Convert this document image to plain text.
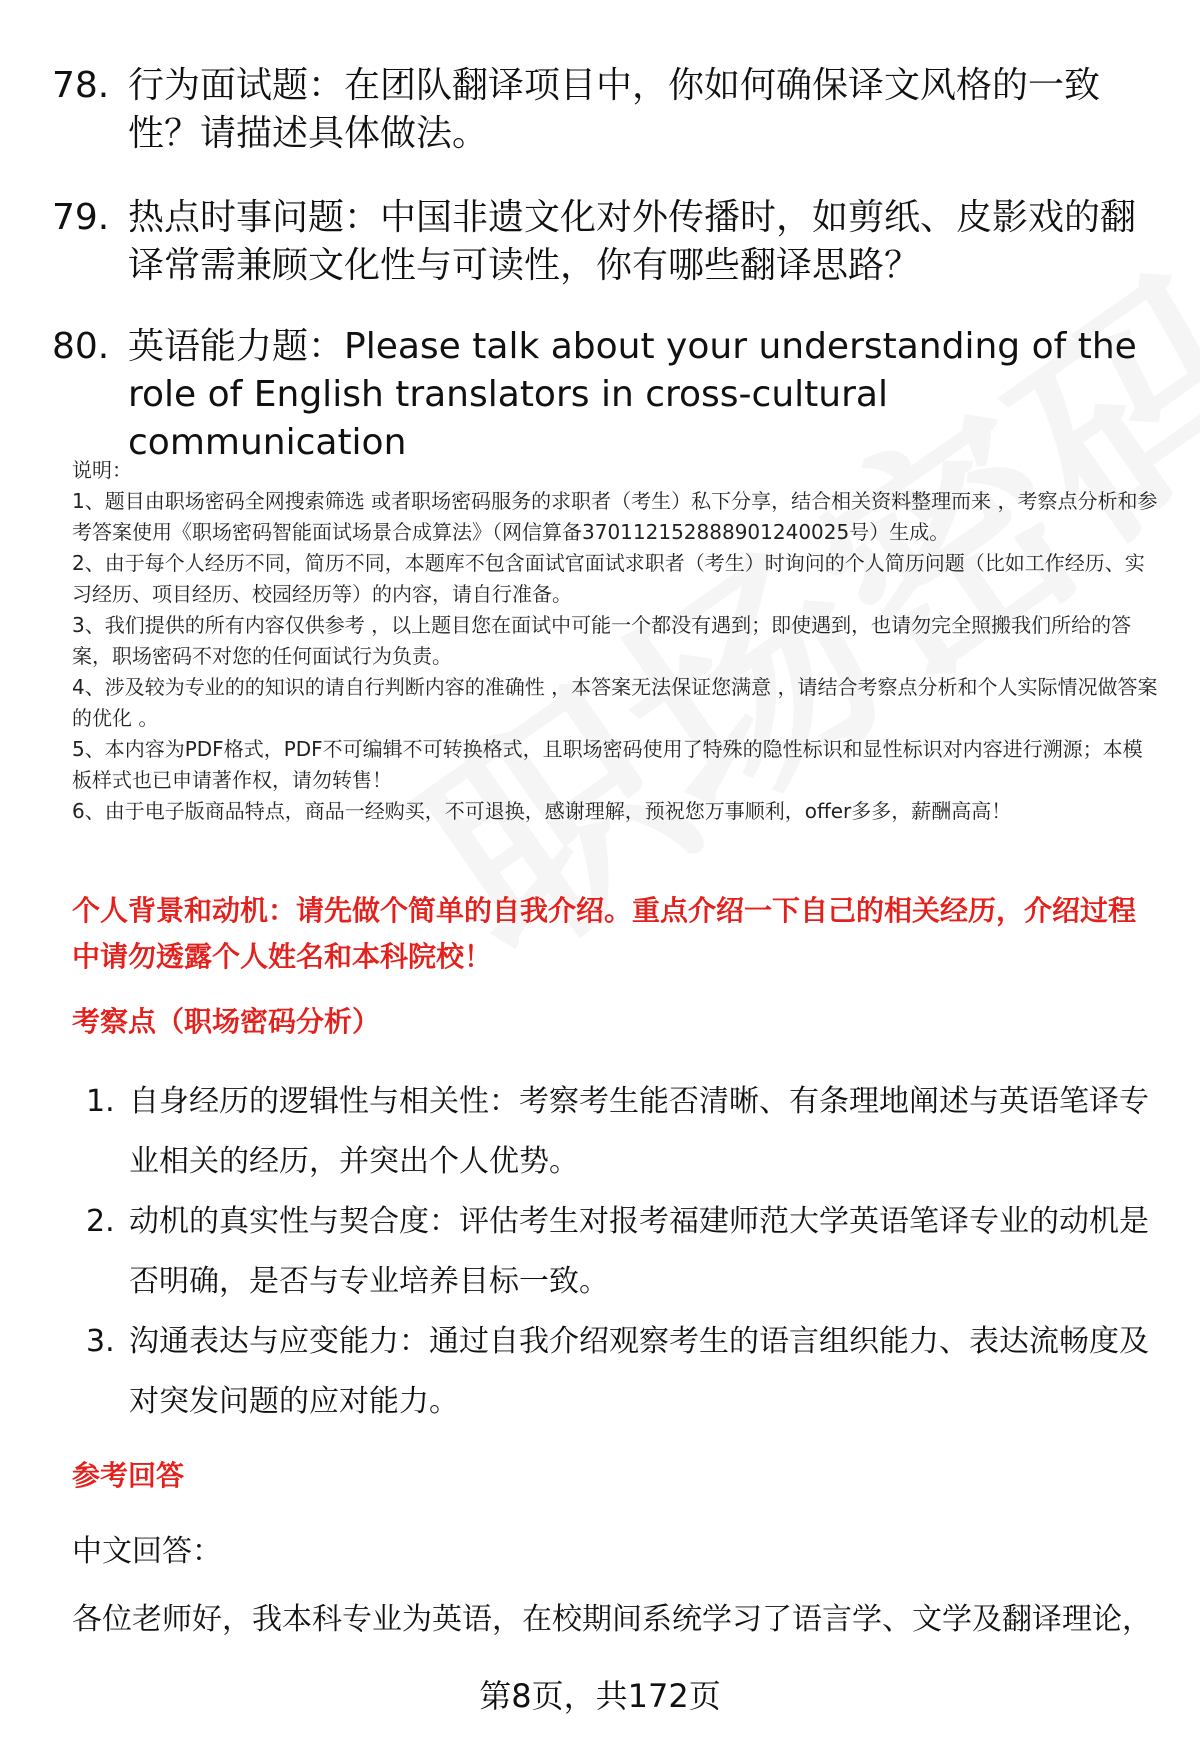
78. 行为面试题：在团队翻译项目中，你如何确保译文风格的一致性？请描述具体做法。
79. 热点时事问题：中国非遗文化对外传播时，如剪纸、皮影戏的翻译常需兼顾文化性与可读性，你有哪些翻译思路？
80. 英语能力题：Please talk about your understanding of the role of English translators in cross-cultural communication
说明：
1、题目由职场密码全网搜索筛选 或者职场密码服务的求职者（考生）私下分享，结合相关资料整理而来 ，考察点分析和参考答案使用《职场密码智能面试场景合成算法》（网信算备370112152888901240025号）生成。
2、由于每个人经历不同，简历不同，本题库不包含面试官面试求职者（考生）时询问的个人简历问题（比如工作经历、实习经历、项目经历、校园经历等）的内容，请自行准备。
3、我们提供的所有内容仅供参考 ，以上题目您在面试中可能一个都没有遇到；即使遇到，也请勿完全照搬我们所给的答案，职场密码不对您的任何面试行为负责。
4、涉及较为专业的的知识的请自行判断内容的准确性 ，本答案无法保证您满意 ，请结合考察点分析和个人实际情况做答案的优化 。
5、本内容为PDF格式，PDF不可编辑不可转换格式，且职场密码使用了特殊的隐性标识和显性标识对内容进行溯源；本模板样式也已申请著作权，请勿转售！
6、由于电子版商品特点，商品一经购买，不可退换，感谢理解，预祝您万事顺利，offer多多，薪酬高高！
个人背景和动机：请先做个简单的自我介绍。重点介绍一下自己的相关经历，介绍过程中请勿透露个人姓名和本科院校！
考察点（职场密码分析）
1. 自身经历的逻辑性与相关性：考察考生能否清晰、有条理地阐述与英语笔译专业相关的经历，并突出个人优势。
2. 动机的真实性与契合度：评估考生对报考福建师范大学英语笔译专业的动机是否明确，是否与专业培养目标一致。
3. 沟通表达与应变能力：通过自我介绍观察考生的语言组织能力、表达流畅度及对突发问题的应对能力。
参考回答
中文回答：
各位老师好，我本科专业为英语，在校期间系统学习了语言学、文学及翻译理论，
第8页，共172页
